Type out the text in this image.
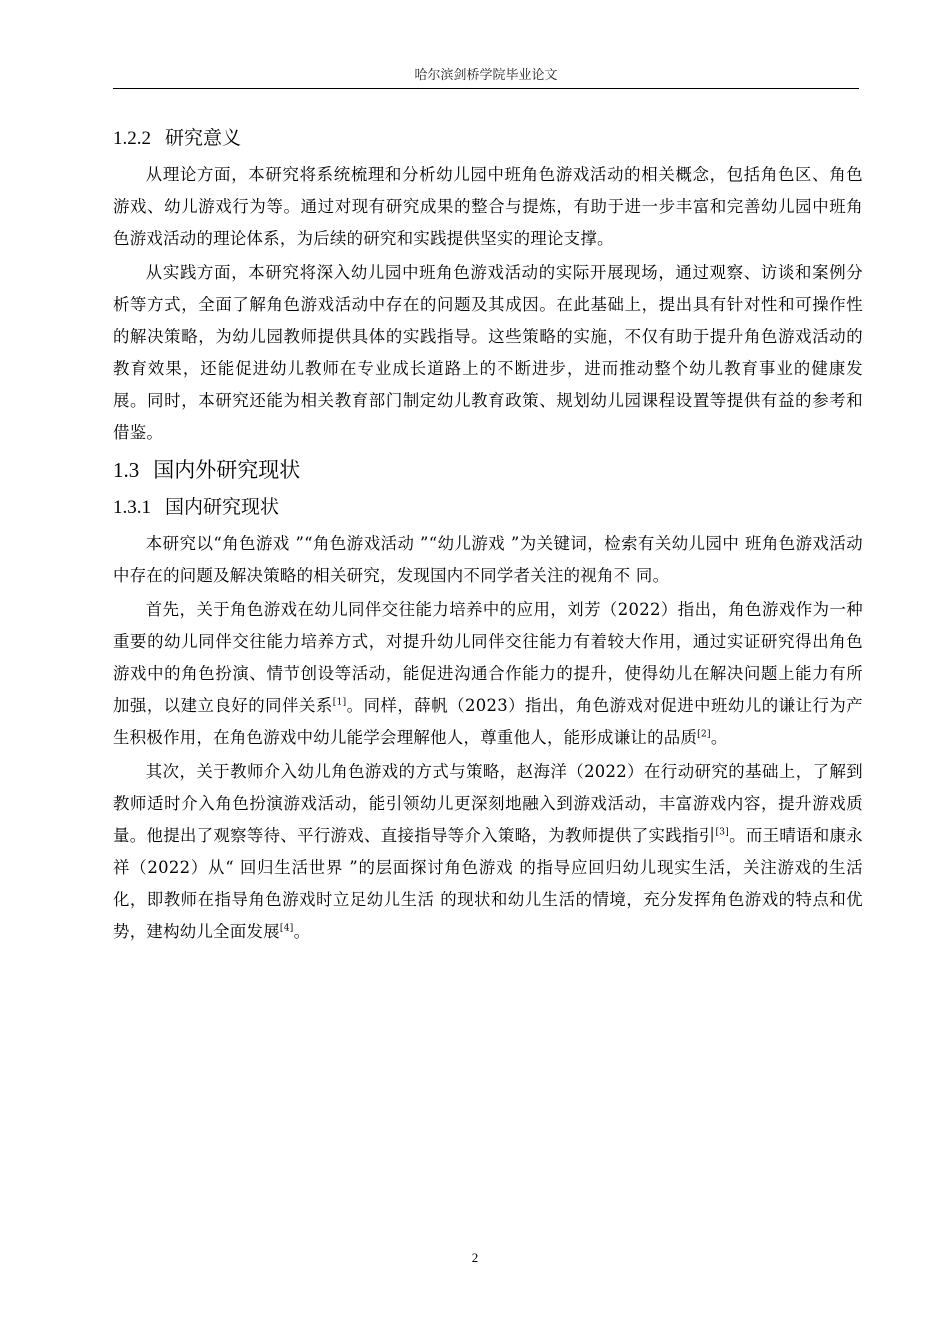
哈尔滨剑桥学院毕业论文
1.2.2 研究意义

从理论方面，本研究将系统梳理和分析幼儿园中班角色游戏活动的相关概念，包括角色区、角色游戏、幼儿游戏行为等。通过对现有研究成果的整合与提炼，有助于进一步丰富和完善幼儿园中班角色游戏活动的理论体系，为后续的研究和实践提供坚实的理论支撑。

从实践方面，本研究将深入幼儿园中班角色游戏活动的实际开展现场，通过观察、访谈和案例分析等方式，全面了解角色游戏活动中存在的问题及其成因。在此基础上，提出具有针对性和可操作性的解决策略，为幼儿园教师提供具体的实践指导。这些策略的实施，不仅有助于提升角色游戏活动的教育效果，还能促进幼儿教师在专业成长道路上的不断进步，进而推动整个幼儿教育事业的健康发展。同时，本研究还能为相关教育部门制定幼儿教育政策、规划幼儿园课程设置等提供有益的参考和借鉴。

1.3 国内外研究现状
1.3.1 国内研究现状

本研究以“角色游戏 ”“角色游戏活动 ”“幼儿游戏 ”为关键词，检索有关幼儿园中 班角色游戏活动中存在的问题及解决策略的相关研究，发现国内不同学者关注的视角不 同。

首先，关于角色游戏在幼儿同伴交往能力培养中的应用，刘芳（2022）指出，角色游戏作为一种重要的幼儿同伴交往能力培养方式，对提升幼儿同伴交往能力有着较大作用，通过实证研究得出角色游戏中的角色扮演、情节创设等活动，能促进沟通合作能力的提升，使得幼儿在解决问题上能力有所加强，以建立良好的同伴关系[1]。同样，薛帆（2023）指出，角色游戏对促进中班幼儿的谦让行为产生积极作用，在角色游戏中幼儿能学会理解他人，尊重他人，能形成谦让的品质[2]。

其次，关于教师介入幼儿角色游戏的方式与策略，赵海洋（2022）在行动研究的基础上，了解到教师适时介入角色扮演游戏活动，能引领幼儿更深刻地融入到游戏活动，丰富游戏内容，提升游戏质量。他提出了观察等待、平行游戏、直接指导等介入策略，为教师提供了实践指引[3]。而王晴语和康永祥（2022）从“ 回归生活世界 ”的层面探讨角色游戏 的指导应回归幼儿现实生活，关注游戏的生活化，即教师在指导角色游戏时立足幼儿生活 的现状和幼儿生活的情境，充分发挥角色游戏的特点和优势，建构幼儿全面发展[4]。

2
